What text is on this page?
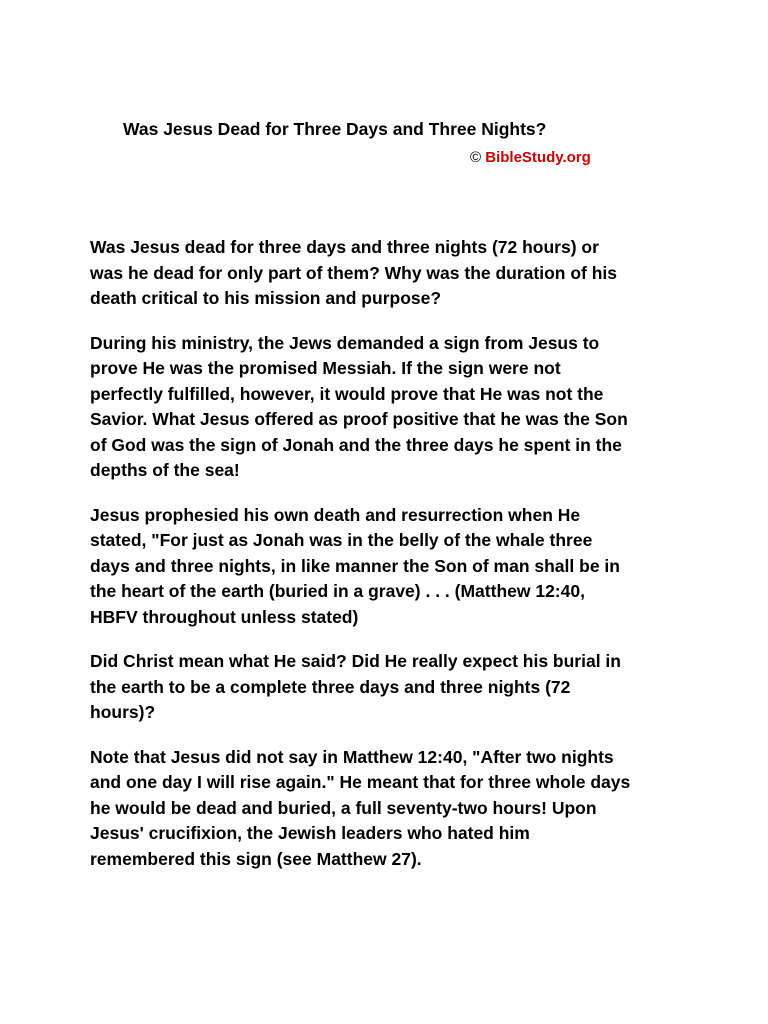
Was Jesus Dead for Three Days and Three Nights?
© BibleStudy.org

Was Jesus dead for three days and three nights (72 hours) or
was he dead for only part of them? Why was the duration of his
death critical to his mission and purpose?

During his ministry, the Jews demanded a sign from Jesus to
prove He was the promised Messiah. If the sign were not
perfectly fulfilled, however, it would prove that He was not the
Savior. What Jesus offered as proof positive that he was the Son
of God was the sign of Jonah and the three days he spent in the
depths of the sea!

Jesus prophesied his own death and resurrection when He
stated, "For just as Jonah was in the belly of the whale three
days and three nights, in like manner the Son of man shall be in
the heart of the earth (buried in a grave) . . . (Matthew 12:40,
HBFV throughout unless stated)

Did Christ mean what He said? Did He really expect his burial in
the earth to be a complete three days and three nights (72
hours)?

Note that Jesus did not say in Matthew 12:40, "After two nights
and one day I will rise again." He meant that for three whole days
he would be dead and buried, a full seventy-two hours! Upon
Jesus' crucifixion, the Jewish leaders who hated him
remembered this sign (see Matthew 27).
